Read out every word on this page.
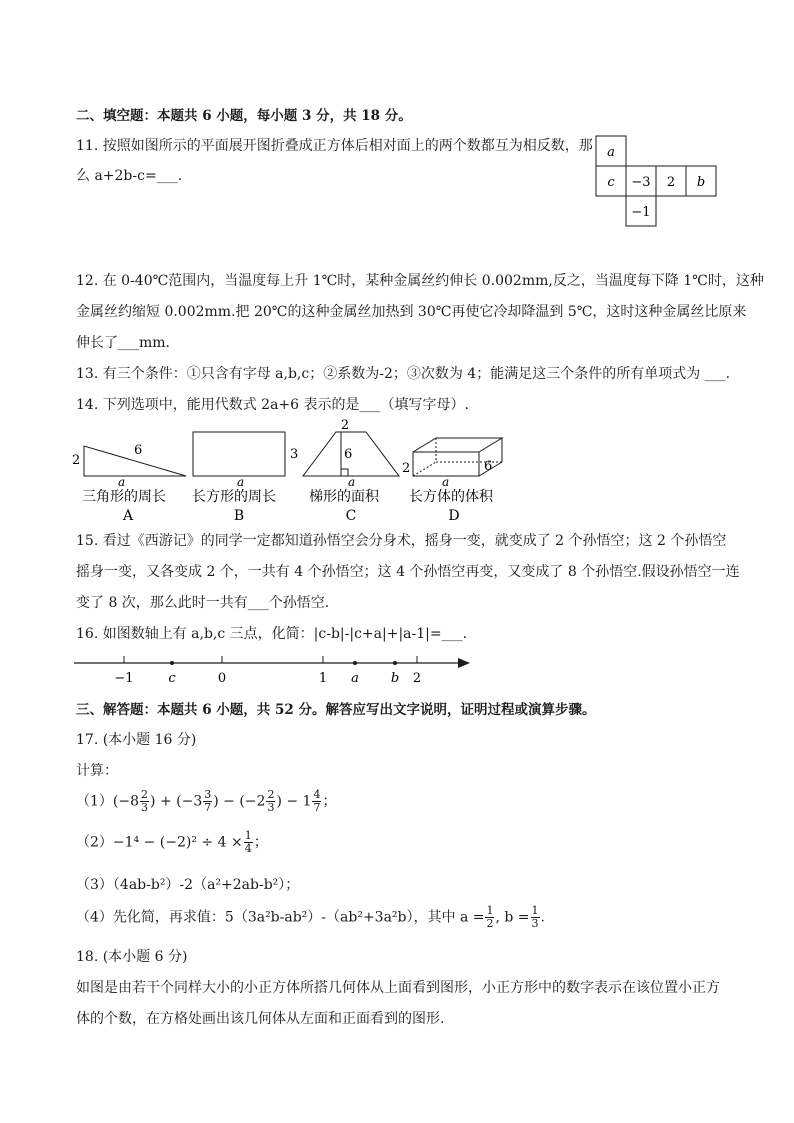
二、填空题：本题共 6 小题，每小题 3 分，共 18 分。
11. 按照如图所示的平面展开图折叠成正方体后相对面上的两个数都互为相反数，那
么 a+2b-c=___.
a
c −3 2 b
−1
12. 在 0-40℃范围内，当温度每上升 1℃时，某种金属丝约伸长 0.002mm,反之，当温度每下降 1℃时，这种
金属丝约缩短 0.002mm.把 20℃的这种金属丝加热到 30℃再使它冷却降温到 5℃，这时这种金属丝比原来
伸长了___mm.
13. 有三个条件：①只含有字母 a,b,c；②系数为-2；③次数为 4；能满足这三个条件的所有单项式为 ___.
14. 下列选项中，能用代数式 2a+6 表示的是___（填写字母）.
2
6
a
三角形的周长
A
3
a
长方形的周长
B
2
6
a
梯形的面积
C
2	6
a
长方体的体积
D
15. 看过《西游记》的同学一定都知道孙悟空会分身术，摇身一变，就变成了 2 个孙悟空；这 2 个孙悟空
摇身一变，又各变成 2 个，一共有 4 个孙悟空；这 4 个孙悟空再变，又变成了 8 个孙悟空.假设孙悟空一连
变了 8 次，那么此时一共有___个孙悟空.
16. 如图数轴上有 a,b,c 三点，化简：|c-b|-|c+a|+|a-1|=___.
−1	c	0	1 a b 2
三、解答题：本题共 6 小题，共 52 分。解答应写出文字说明，证明过程或演算步骤。
17. (本小题 16 分)
计算：
$(1)(-8 \frac{2}{3}$ ) + ($-3 \frac{3}{7}$ ) − ($-2 \frac{2}{3}$ ) − $1 \frac{4}{7}$ ；
$(2)-1^4 - (-2)^2 \div 4 \times \frac{1}{4}$ ；
（3）（4ab-b²）-2（a²+2ab-b²）；
（4）先化简，再求值：5（3a²b-ab²）-（ab²+3a²b），其中 $a = \frac{1}{2}$ , $b = \frac{1}{3}$ .
18. (本小题 6 分)
如图是由若干个同样大小的小正方体所搭几何体从上面看到图形，小正方形中的数字表示在该位置小正方
体的个数，在方格处画出该几何体从左面和正面看到的图形.
